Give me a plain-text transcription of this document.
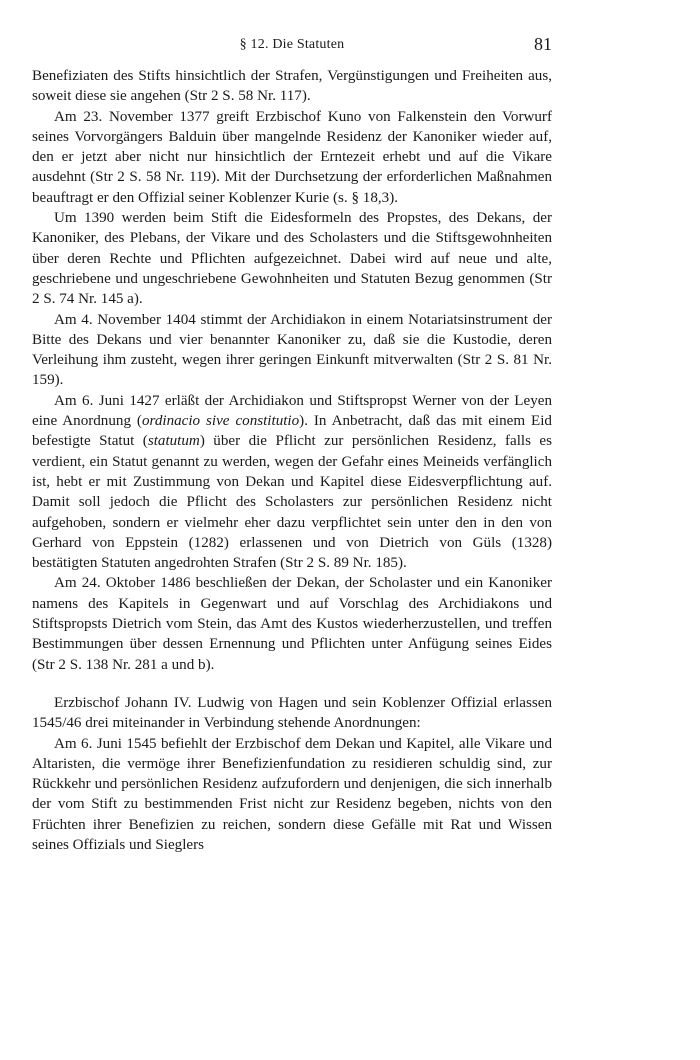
§ 12. Die Statuten	81

Benefiziaten des Stifts hinsichtlich der Strafen, Vergünstigungen und Freiheiten aus, soweit diese sie angehen (Str 2 S. 58 Nr. 117).

Am 23. November 1377 greift Erzbischof Kuno von Falkenstein den Vorwurf seines Vorvorgängers Balduin über mangelnde Residenz der Kanoniker wieder auf, den er jetzt aber nicht nur hinsichtlich der Erntezeit erhebt und auf die Vikare ausdehnt (Str 2 S. 58 Nr. 119). Mit der Durchsetzung der erforderlichen Maßnahmen beauftragt er den Offizial seiner Koblenzer Kurie (s. § 18,3).

Um 1390 werden beim Stift die Eidesformeln des Propstes, des Dekans, der Kanoniker, des Plebans, der Vikare und des Scholasters und die Stiftsgewohnheiten über deren Rechte und Pflichten aufgezeichnet. Dabei wird auf neue und alte, geschriebene und ungeschriebene Gewohnheiten und Statuten Bezug genommen (Str 2 S. 74 Nr. 145 a).

Am 4. November 1404 stimmt der Archidiakon in einem Notariatsinstrument der Bitte des Dekans und vier benannter Kanoniker zu, daß sie die Kustodie, deren Verleihung ihm zusteht, wegen ihrer geringen Einkunft mitverwalten (Str 2 S. 81 Nr. 159).

Am 6. Juni 1427 erläßt der Archidiakon und Stiftspropst Werner von der Leyen eine Anordnung (ordinacio sive constitutio). In Anbetracht, daß das mit einem Eid befestigte Statut (statutum) über die Pflicht zur persönlichen Residenz, falls es verdient, ein Statut genannt zu werden, wegen der Gefahr eines Meineids verfänglich ist, hebt er mit Zustimmung von Dekan und Kapitel diese Eidesverpflichtung auf. Damit soll jedoch die Pflicht des Scholasters zur persönlichen Residenz nicht aufgehoben, sondern er vielmehr eher dazu verpflichtet sein unter den in den von Gerhard von Eppstein (1282) erlassenen und von Dietrich von Güls (1328) bestätigten Statuten angedrohten Strafen (Str 2 S. 89 Nr. 185).

Am 24. Oktober 1486 beschließen der Dekan, der Scholaster und ein Kanoniker namens des Kapitels in Gegenwart und auf Vorschlag des Archidiakons und Stiftspropsts Dietrich vom Stein, das Amt des Kustos wiederherzustellen, und treffen Bestimmungen über dessen Ernennung und Pflichten unter Anfügung seines Eides (Str 2 S. 138 Nr. 281 a und b).

Erzbischof Johann IV. Ludwig von Hagen und sein Koblenzer Offizial erlassen 1545/46 drei miteinander in Verbindung stehende Anordnungen:

Am 6. Juni 1545 befiehlt der Erzbischof dem Dekan und Kapitel, alle Vikare und Altaristen, die vermöge ihrer Benefizienfundation zu residieren schuldig sind, zur Rückkehr und persönlichen Residenz aufzufordern und denjenigen, die sich innerhalb der vom Stift zu bestimmenden Frist nicht zur Residenz begeben, nichts von den Früchten ihrer Benefizien zu reichen, sondern diese Gefälle mit Rat und Wissen seines Offizials und Sieglers
